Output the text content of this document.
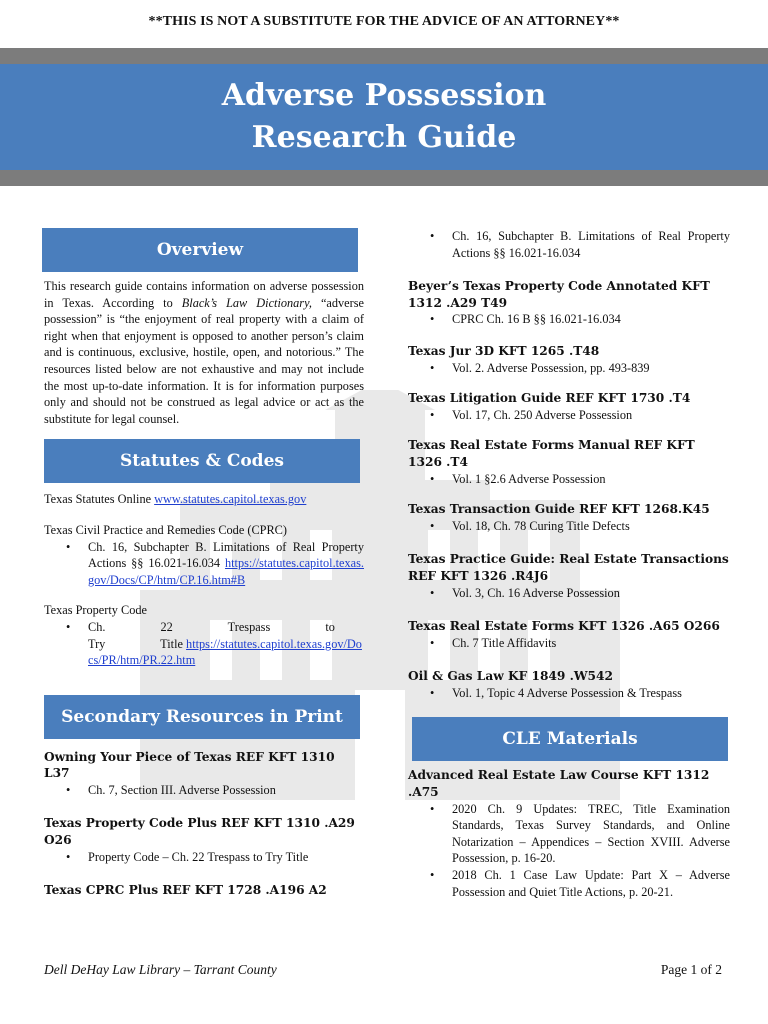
**THIS IS NOT A SUBSTITUTE FOR THE ADVICE OF AN ATTORNEY**
Adverse Possession
Research Guide
Overview

This research guide contains information on adverse possession in Texas. According to Black’s Law Dictionary, “adverse possession” is “the enjoyment of real property with a claim of right when that enjoyment is opposed to another person’s claim and is continuous, exclusive, hostile, open, and notorious.” The resources listed below are not exhaustive and may not include the most up-to-date information. It is for information purposes only and should not be construed as legal advice or act as the substitute for legal counsel.

Statutes & Codes

Texas Statutes Online www.statutes.capitol.texas.gov

Texas Civil Practice and Remedies Code (CPRC)

• Ch. 16, Subchapter B. Limitations of Real Property Actions §§ 16.021-16.034 https://statutes.capitol.texas.gov/Docs/CP/htm/CP.16.htm#B

Texas Property Code

• Ch. 22 Trespass to Try Title https://statutes.capitol.texas.gov/Docs/PR/htm/PR.22.htm
Secondary Resources in Print

Owning Your Piece of Texas REF KFT 1310 L37

• Ch. 7, Section III. Adverse Possession

Texas Property Code Plus REF KFT 1310 .A29 O26

• Property Code – Ch. 22 Trespass to Try Title

Texas CPRC Plus REF KFT 1728 .A196 A2

• Ch. 16, Subchapter B. Limitations of Real Property Actions §§ 16.021-16.034

Beyer’s Texas Property Code Annotated KFT 1312 .A29 T49

• CPRC Ch. 16 B §§ 16.021-16.034

Texas Jur 3D KFT 1265 .T48

• Vol. 2. Adverse Possession, pp. 493-839

Texas Litigation Guide REF KFT 1730 .T4

• Vol. 17, Ch. 250 Adverse Possession

Texas Real Estate Forms Manual REF KFT 1326 .T4

• Vol. 1 §2.6 Adverse Possession

Texas Transaction Guide REF KFT 1268.K45

• Vol. 18, Ch. 78 Curing Title Defects

Texas Practice Guide: Real Estate Transactions REF KFT 1326 .R4J6

• Vol. 3, Ch. 16 Adverse Possession

Texas Real Estate Forms KFT 1326 .A65 O266

• Ch. 7 Title Affidavits

Oil & Gas Law KF 1849 .W542

• Vol. 1, Topic 4 Adverse Possession & Trespass
CLE Materials

Advanced Real Estate Law Course KFT 1312 .A75

• 2020 Ch. 9 Updates: TREC, Title Examination Standards, Texas Survey Standards, and Online Notarization – Appendices – Section XVIII. Adverse Possession, p. 16-20.
• 2018 Ch. 1 Case Law Update: Part X – Adverse Possession and Quiet Title Actions, p. 20-21.
Dell DeHay Law Library – Tarrant County	Page 1 of 2
